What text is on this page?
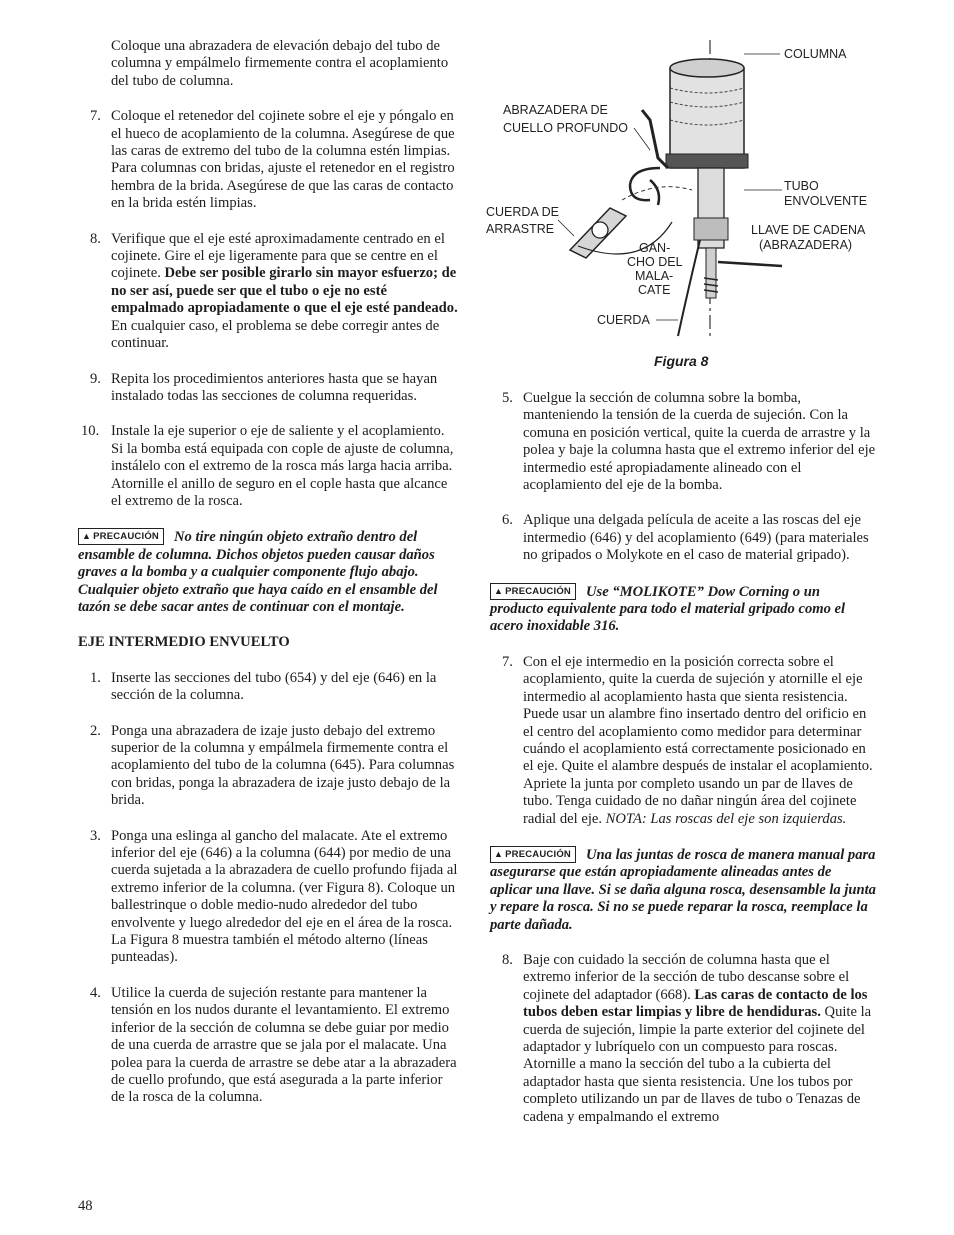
Coloque una abrazadera de elevación debajo del tubo de columna y empálmelo firmemente contra el acoplamiento del tubo de columna.

7. Coloque el retenedor del cojinete sobre el eje y póngalo en el hueco de acoplamiento de la columna. Asegúrese de que las caras de extremo del tubo de la columna estén limpias. Para columnas con bridas, ajuste el retenedor en el registro hembra de la brida. Asegúrese de que las caras de contacto en la brida estén limpias.
8. Verifique que el eje esté aproximadamente centrado en el cojinete. Gire el eje ligeramente para que se centre en el cojinete. Debe ser posible girarlo sin mayor esfuerzo; de no ser así, puede ser que el tubo o eje no esté empalmado apropiadamente o que el eje esté pandeado. En cualquier caso, el problema se debe corregir antes de continuar.
9. Repita los procedimientos anteriores hasta que se hayan instalado todas las secciones de columna requeridas.
10. Instale la eje superior o eje de saliente y el acoplamiento. Si la bomba está equipada con cople de ajuste de columna, instálelo con el extremo de la rosca más larga hacia arriba. Atornille el anillo de seguro en el cople hasta que alcance el extremo de la rosca.

▲ PRECAUCIÓN No tire ningún objeto extraño dentro del ensamble de columna. Dichos objetos pueden causar daños graves a la bomba y a cualquier componente flujo abajo. Cualquier objeto extraño que haya caído en el ensamble del tazón se debe sacar antes de continuar con el montaje.

EJE INTERMEDIO ENVUELTO

1. Inserte las secciones del tubo (654) y del eje (646) en la sección de la columna.
2. Ponga una abrazadera de izaje justo debajo del extremo superior de la columna y empálmela firmemente contra el acoplamiento del tubo de la columna (645). Para columnas con bridas, ponga la abrazadera de izaje justo debajo de la brida.
3. Ponga una eslinga al gancho del malacate. Ate el extremo inferior del eje (646) a la columna (644) por medio de una cuerda sujetada a la abrazadera de cuello profundo fijada al extremo inferior de la columna. (ver Figura 8). Coloque un ballestrinque o doble medio-nudo alrededor del tubo envolvente y luego alrededor del eje en el área de la rosca. La Figura 8 muestra también el método alterno (líneas punteadas).
4. Utilice la cuerda de sujeción restante para mantener la tensión en los nudos durante el levantamiento. El extremo inferior de la sección de columna se debe guiar por medio de una cuerda de arrastre que se jala por el malacate. Una polea para la cuerda de arrastre se debe atar a la abrazadera de cuello profundo, que está asegurada a la parte inferior de la rosca de la columna.
48
COLUMNA
ABRAZADERA DE
CUELLO PROFUNDO
TUBO
ENVOLVENTE
CUERDA DE
ARRASTRE	LLAVE DE CADENA
(ABRAZADERA)
GAN-
CHO DEL
MALA-
CATE
CUERDA
Figura 8
5. Cuelgue la sección de columna sobre la bomba, manteniendo la tensión de la cuerda de sujeción. Con la comuna en posición vertical, quite la cuerda de arrastre y la polea y baje la columna hasta que el extremo inferior del eje intermedio esté apropiadamente alineado con el acoplamiento del eje de la bomba.
6. Aplique una delgada película de aceite a las roscas del eje intermedio (646) y del acoplamiento (649) (para materiales no gripados o Molykote en el caso de material gripado).

▲ PRECAUCIÓN Use “MOLIKOTE” Dow Corning o un producto equivalente para todo el material gripado como el acero inoxidable 316.

7. Con el eje intermedio en la posición correcta sobre el acoplamiento, quite la cuerda de sujeción y atornille el eje intermedio al acoplamiento hasta que sienta resistencia. Puede usar un alambre fino insertado dentro del orificio en el centro del acoplamiento como medidor para determinar cuándo el acoplamiento está correctamente posicionado en el eje. Quite el alambre después de instalar el acoplamiento. Apriete la junta por completo usando un par de llaves de tubo. Tenga cuidado de no dañar ningún área del cojinete radial del eje. NOTA: Las roscas del eje son izquierdas.

▲ PRECAUCIÓN Una las juntas de rosca de manera manual para asegurarse que están apropiadamente alineadas antes de aplicar una llave. Si se daña alguna rosca, desensamble la junta y repare la rosca. Si no se puede reparar la rosca, reemplace la parte dañada.

8. Baje con cuidado la sección de columna hasta que el extremo inferior de la sección de tubo descanse sobre el cojinete del adaptador (668). Las caras de contacto de los tubos deben estar limpias y libre de hendiduras. Quite la cuerda de sujeción, limpie la parte exterior del cojinete del adaptador y lubríquelo con un compuesto para roscas. Atornille a mano la sección del tubo a la cubierta del adaptador hasta que sienta resistencia. Une los tubos por completo utilizando un par de llaves de tubo o Tenazas de cadena y empalmando el extremo
